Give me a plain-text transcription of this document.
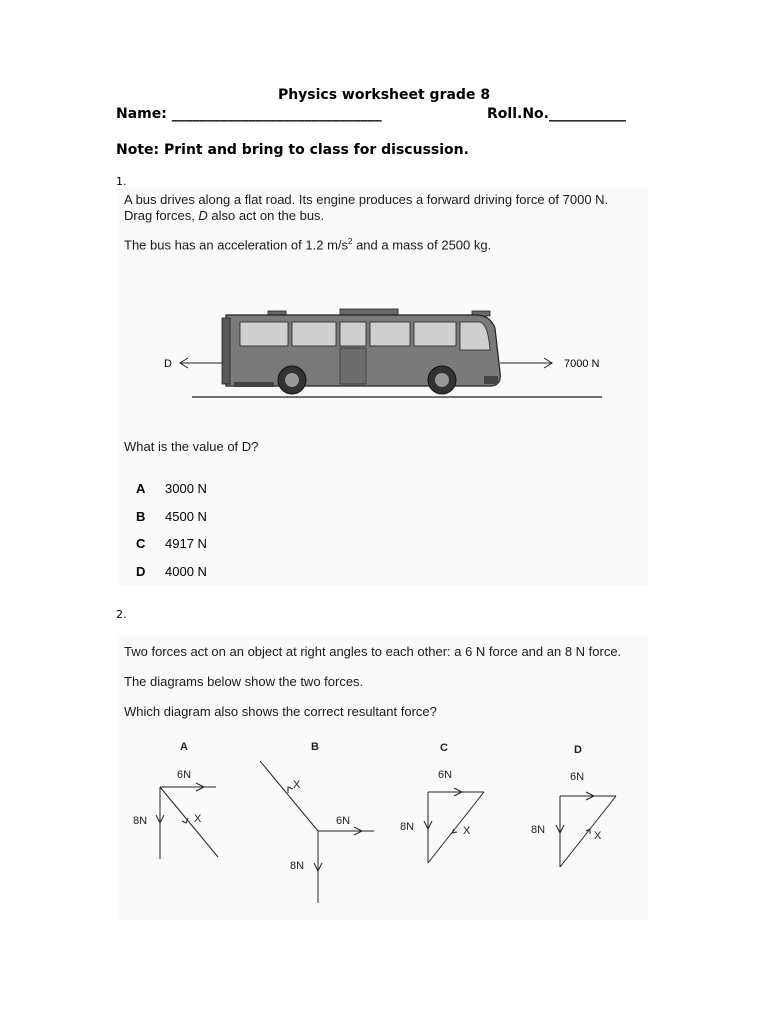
Physics worksheet grade 8
Name: ______________________________	Roll.No.___________
Note: Print and bring to class for discussion.
1.
A bus drives along a flat road. Its engine produces a forward driving force of 7000 N.
Drag forces, D also act on the bus.
The bus has an acceleration of 1.2 $m/s^2$ and a mass of 2500 kg.
D	7000 N
What is the value of D?
A 3000 N
B 4500 N
C 4917 N
D 4000 N
2.
Two forces act on an object at right angles to each other: a 6 N force and an 8 N force.
The diagrams below show the two forces.
Which diagram also shows the correct resultant force?
A
6N
8N	X
B
6N
8N
X
C
6N
8N	X
D
6N
8N	X
